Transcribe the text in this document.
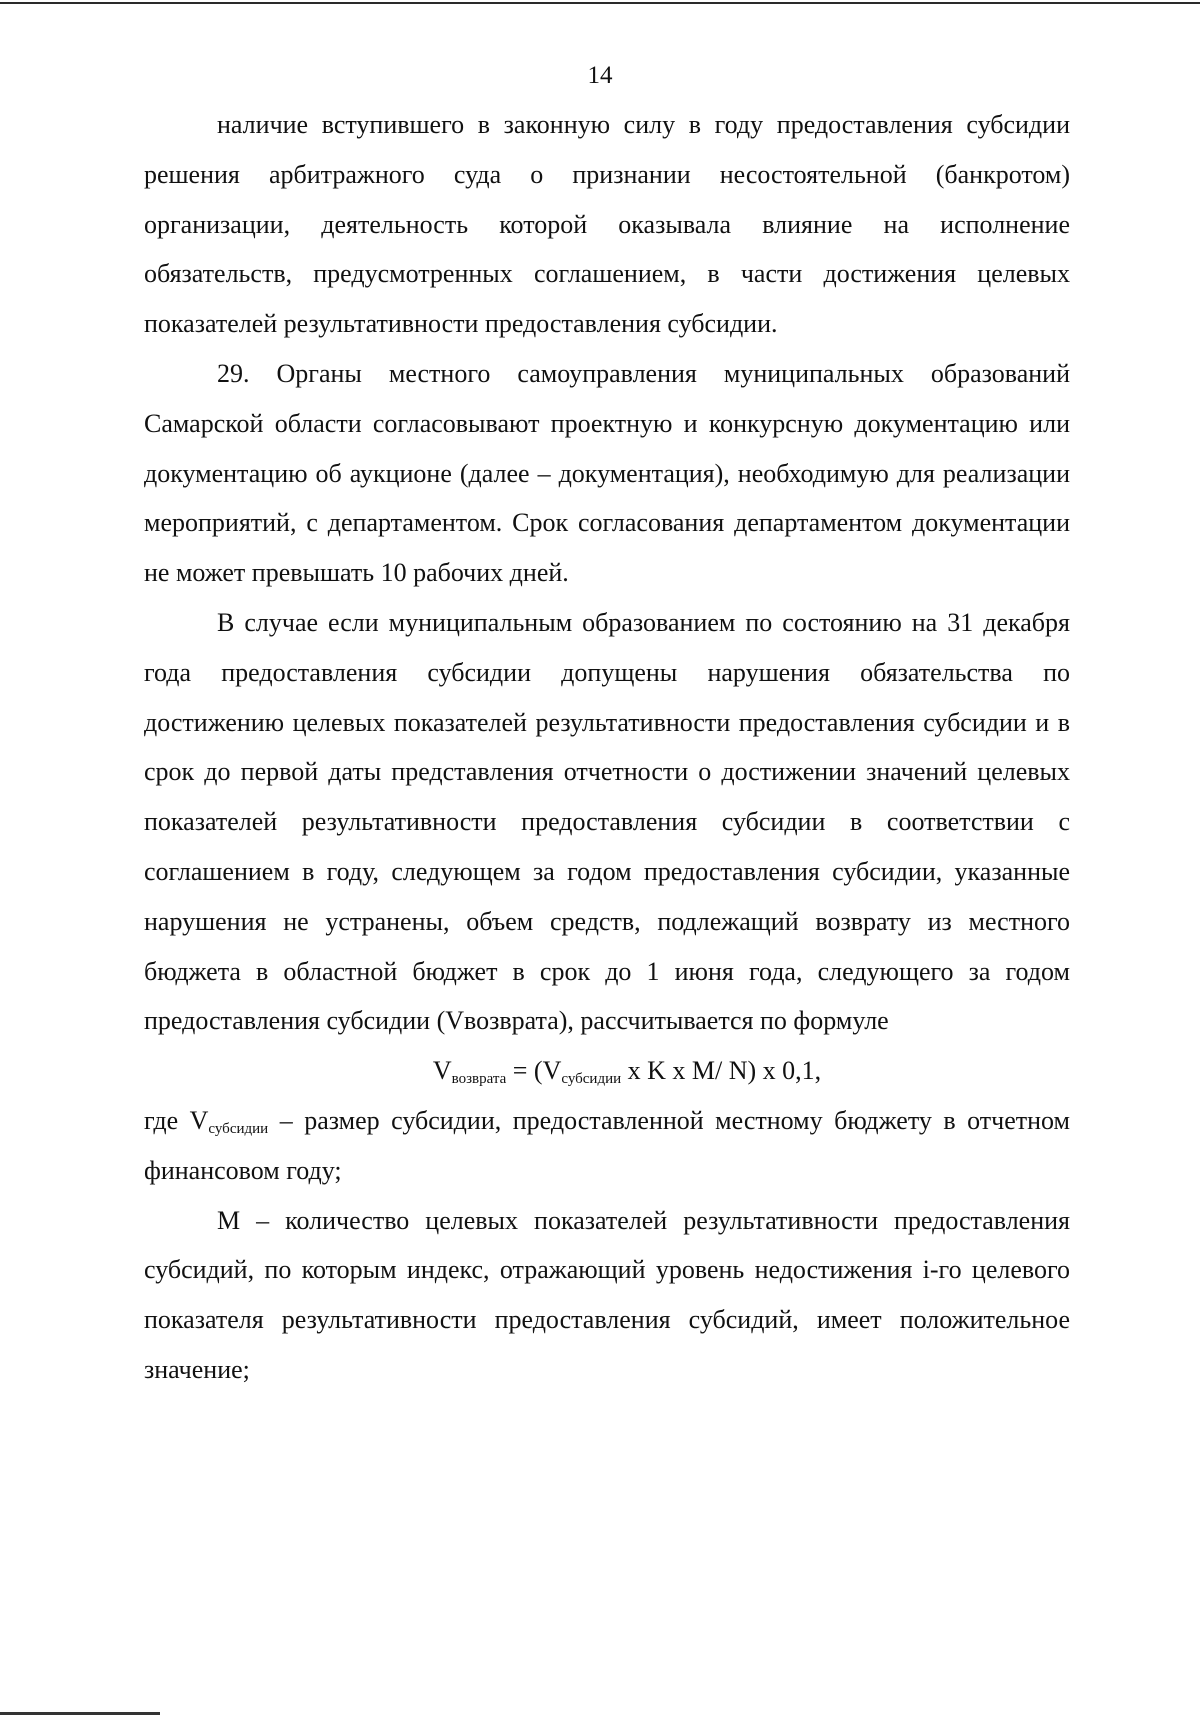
14

наличие вступившего в законную силу в году предоставления субсидии решения арбитражного суда о признании несостоятельной (банкротом) организации, деятельность которой оказывала влияние на исполнение обязательств, предусмотренных соглашением, в части достижения целевых показателей результативности предоставления субсидии.

29. Органы местного самоуправления муниципальных образований Самарской области согласовывают проектную и конкурсную документацию или документацию об аукционе (далее – документация), необходимую для реализации мероприятий, с департаментом. Срок согласования департаментом документации не может превышать 10 рабочих дней.

В случае если муниципальным образованием по состоянию на 31 декабря года предоставления субсидии допущены нарушения обязательства по достижению целевых показателей результативности предоставления субсидии и в срок до первой даты представления отчетности о достижении значений целевых показателей результативности предоставления субсидии в соответствии с соглашением в году, следующем за годом предоставления субсидии, указанные нарушения не устранены, объем средств, подлежащий возврату из местного бюджета в областной бюджет в срок до 1 июня года, следующего за годом предоставления субсидии (Vвозврата), рассчитывается по формуле

$V_{возврата} = (V_{субсидии}$ x K x M/ N) x 0,1,

где $V_{субсидии}$ – размер субсидии, предоставленной местному бюджету в отчетном финансовом году;

M – количество целевых показателей результативности предоставления субсидий, по которым индекс, отражающий уровень недостижения i-го целевого показателя результативности предоставления субсидий, имеет положительное значение;
